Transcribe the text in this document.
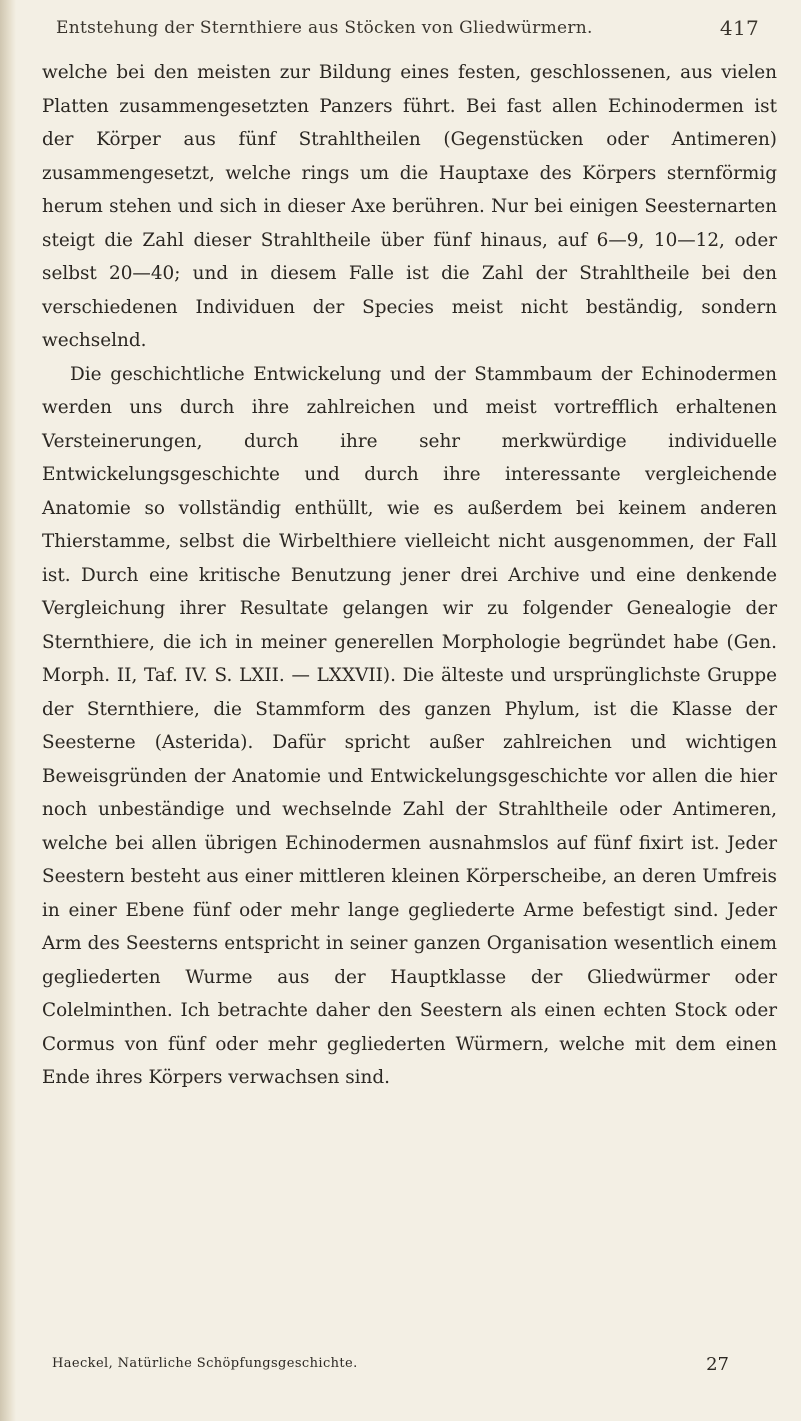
Entstehung der Sternthiere aus Stöcken von Gliedwürmern.	417

welche bei den meisten zur Bildung eines festen, geschlossenen, aus vielen Platten zusammengesetzten Panzers führt. Bei fast allen Echinodermen ist der Körper aus fünf Strahltheilen (Gegenstücken oder Antimeren) zusammengesetzt, welche rings um die Hauptaxe des Körpers sternförmig herum stehen und sich in dieser Axe berühren. Nur bei einigen Seesternarten steigt die Zahl dieser Strahltheile über fünf hinaus, auf 6—9, 10—12, oder selbst 20—40; und in diesem Falle ist die Zahl der Strahltheile bei den verschiedenen Individuen der Species meist nicht beständig, sondern wechselnd.

Die geschichtliche Entwickelung und der Stammbaum der Echinodermen werden uns durch ihre zahlreichen und meist vortrefflich erhaltenen Versteinerungen, durch ihre sehr merkwürdige individuelle Entwickelungsgeschichte und durch ihre interessante vergleichende Anatomie so vollständig enthüllt, wie es außerdem bei keinem anderen Thierstamme, selbst die Wirbelthiere vielleicht nicht ausgenommen, der Fall ist. Durch eine kritische Benutzung jener drei Archive und eine denkende Vergleichung ihrer Resultate gelangen wir zu folgender Genealogie der Sternthiere, die ich in meiner generellen Morphologie begründet habe (Gen. Morph. II, Taf. IV. S. LXII. — LXXVII). Die älteste und ursprünglichste Gruppe der Sternthiere, die Stammform des ganzen Phylum, ist die Klasse der Seesterne (Asterida). Dafür spricht außer zahlreichen und wichtigen Beweisgründen der Anatomie und Entwickelungsgeschichte vor allen die hier noch unbeständige und wechselnde Zahl der Strahltheile oder Antimeren, welche bei allen übrigen Echinodermen ausnahmslos auf fünf fixirt ist. Jeder Seestern besteht aus einer mittleren kleinen Körperscheibe, an deren Umfreis in einer Ebene fünf oder mehr lange gegliederte Arme befestigt sind. Jeder Arm des Seesterns entspricht in seiner ganzen Organisation wesentlich einem gegliederten Wurme aus der Hauptklasse der Gliedwürmer oder Colelminthen. Ich betrachte daher den Seestern als einen echten Stock oder Cormus von fünf oder mehr gegliederten Würmern, welche mit dem einen Ende ihres Körpers verwachsen sind.

Haeckel, Natürliche Schöpfungsgeschichte.	27
